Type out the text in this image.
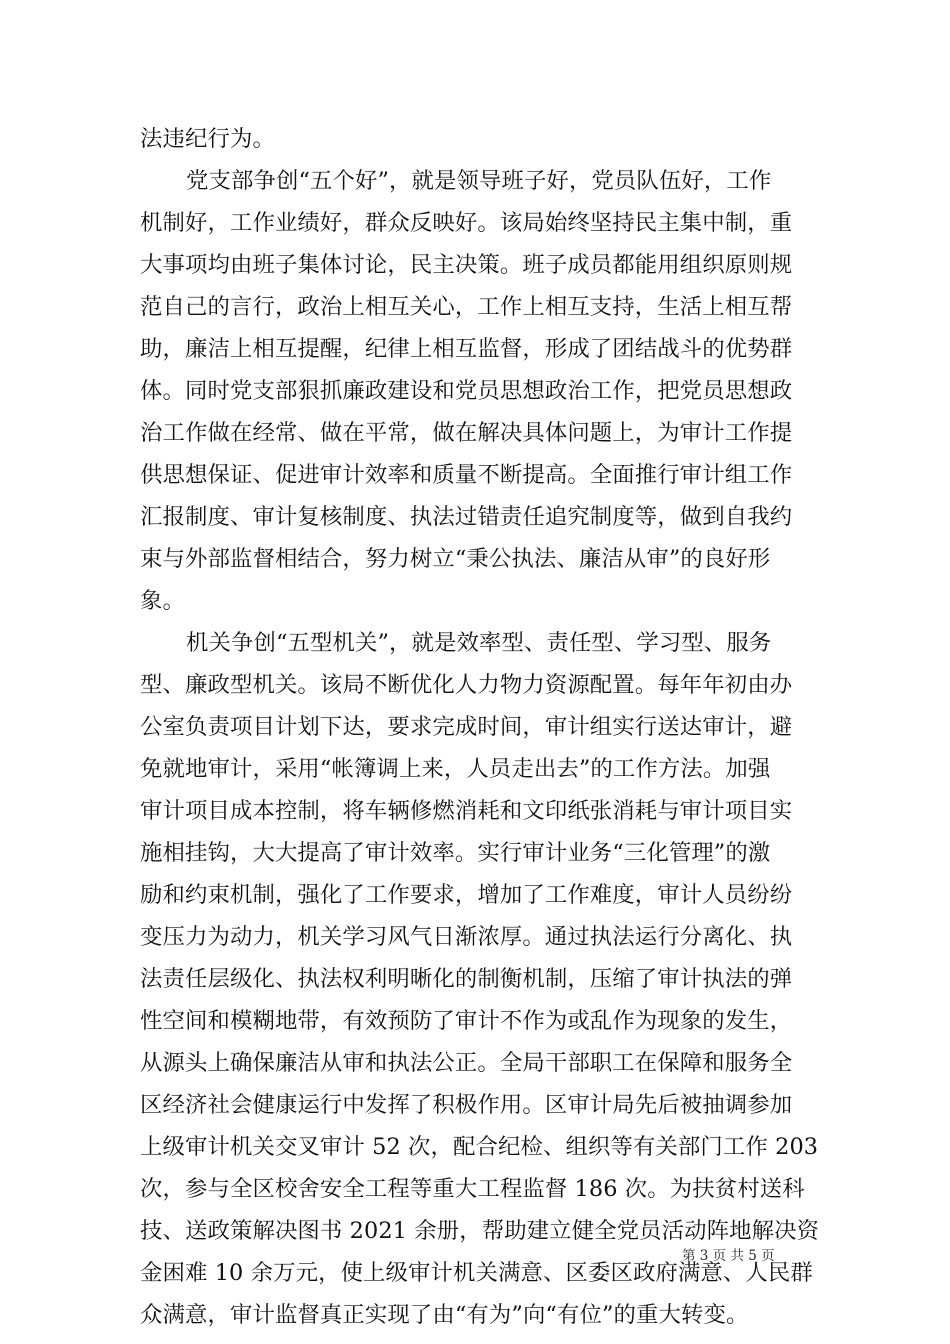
法违纪行为。
党支部争创“五个好”，就是领导班子好，党员队伍好，工作
机制好，工作业绩好，群众反映好。该局始终坚持民主集中制，重
大事项均由班子集体讨论，民主决策。班子成员都能用组织原则规
范自己的言行，政治上相互关心，工作上相互支持，生活上相互帮
助，廉洁上相互提醒，纪律上相互监督，形成了团结战斗的优势群
体。同时党支部狠抓廉政建设和党员思想政治工作，把党员思想政
治工作做在经常、做在平常，做在解决具体问题上，为审计工作提
供思想保证、促进审计效率和质量不断提高。全面推行审计组工作
汇报制度、审计复核制度、执法过错责任追究制度等，做到自我约
束与外部监督相结合，努力树立“秉公执法、廉洁从审”的良好形
象。
机关争创“五型机关”，就是效率型、责任型、学习型、服务
型、廉政型机关。该局不断优化人力物力资源配置。每年年初由办
公室负责项目计划下达，要求完成时间，审计组实行送达审计，避
免就地审计，采用“帐簿调上来，人员走出去”的工作方法。加强
审计项目成本控制，将车辆修燃消耗和文印纸张消耗与审计项目实
施相挂钩，大大提高了审计效率。实行审计业务“三化管理”的激
励和约束机制，强化了工作要求，增加了工作难度，审计人员纷纷
变压力为动力，机关学习风气日渐浓厚。通过执法运行分离化、执
法责任层级化、执法权利明晰化的制衡机制，压缩了审计执法的弹
性空间和模糊地带，有效预防了审计不作为或乱作为现象的发生，
从源头上确保廉洁从审和执法公正。全局干部职工在保障和服务全
区经济社会健康运行中发挥了积极作用。区审计局先后被抽调参加
上级审计机关交叉审计 52 次，配合纪检、组织等有关部门工作 203
次，参与全区校舍安全工程等重大工程监督 186 次。为扶贫村送科
技、送政策解决图书 2021 余册，帮助建立健全党员活动阵地解决资
金困难 10 余万元，使上级审计机关满意、区委区政府满意、人民群
众满意，审计监督真正实现了由“有为”向“有位”的重大转变。
第 3 页 共 5 页
